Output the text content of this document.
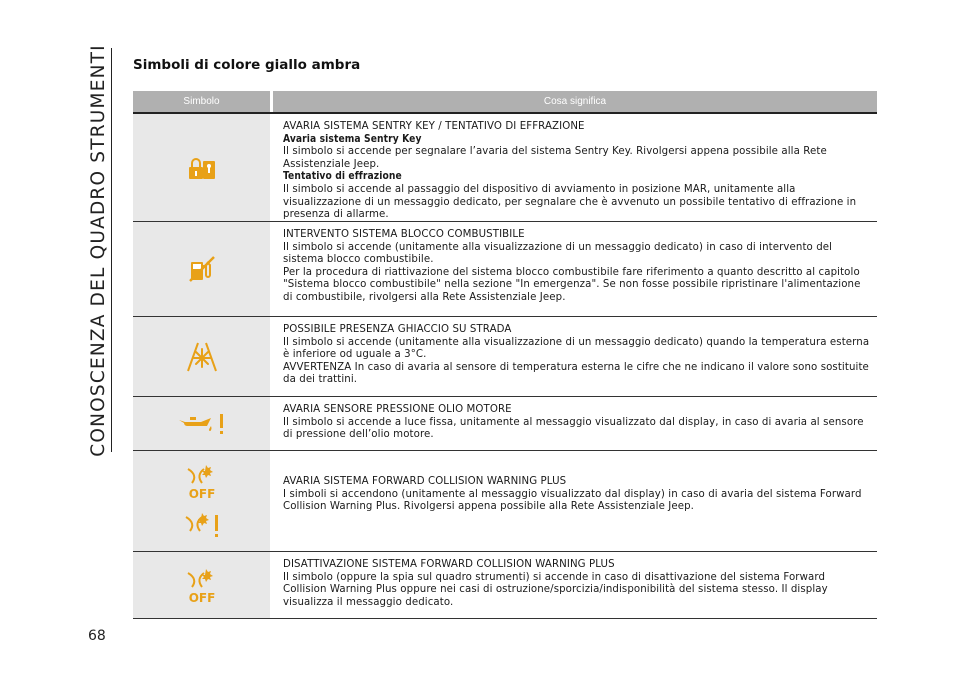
CONOSCENZA DEL QUADRO STRUMENTI
68
Simboli di colore giallo ambra
Simbolo	Cosa significa

AVARIA SISTEMA SENTRY KEY / TENTATIVO DI EFFRAZIONE

Avaria sistema Sentry Key

Il simbolo si accende per segnalare l’avaria del sistema Sentry Key. Rivolgersi appena possibile alla Rete Assistenziale Jeep.

Tentativo di effrazione

Il simbolo si accende al passaggio del dispositivo di avviamento in posizione MAR, unitamente alla visualizzazione di un messaggio dedicato, per segnalare che è avvenuto un possibile tentativo di effrazione in presenza di allarme.

INTERVENTO SISTEMA BLOCCO COMBUSTIBILE

Il simbolo si accende (unitamente alla visualizzazione di un messaggio dedicato) in caso di intervento del sistema blocco combustibile.

Per la procedura di riattivazione del sistema blocco combustibile fare riferimento a quanto descritto al capitolo "Sistema blocco combustibile" nella sezione "In emergenza". Se non fosse possibile ripristinare l'alimentazione di combustibile, rivolgersi alla Rete Assistenziale Jeep.

POSSIBILE PRESENZA GHIACCIO SU STRADA

Il simbolo si accende (unitamente alla visualizzazione di un messaggio dedicato) quando la temperatura esterna è inferiore od uguale a 3°C.

AVVERTENZA In caso di avaria al sensore di temperatura esterna le cifre che ne indicano il valore sono sostituite da dei trattini.

AVARIA SENSORE PRESSIONE OLIO MOTORE

Il simbolo si accende a luce fissa, unitamente al messaggio visualizzato dal display, in caso di avaria al sensore di pressione dell’olio motore.

OFF

AVARIA SISTEMA FORWARD COLLISION WARNING PLUS

I simboli si accendono (unitamente al messaggio visualizzato dal display) in caso di avaria del sistema Forward Collision Warning Plus. Rivolgersi appena possibile alla Rete Assistenziale Jeep.

OFF

DISATTIVAZIONE SISTEMA FORWARD COLLISION WARNING PLUS

Il simbolo (oppure la spia sul quadro strumenti) si accende in caso di disattivazione del sistema Forward Collision Warning Plus oppure nei casi di ostruzione/sporcizia/indisponibilità del sistema stesso. Il display visualizza il messaggio dedicato.
